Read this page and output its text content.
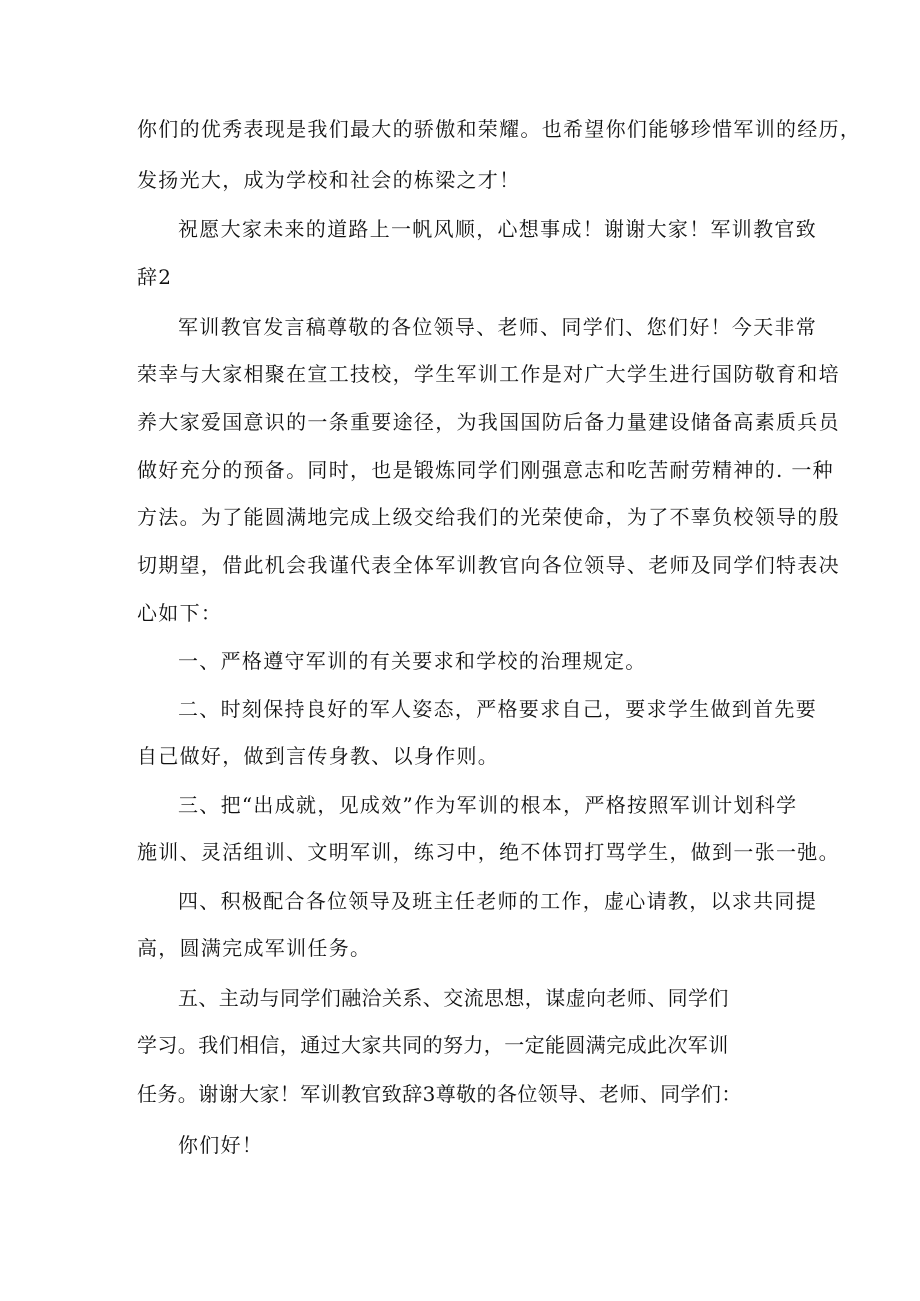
你们的优秀表现是我们最大的骄傲和荣耀。也希望你们能够珍惜军训的经历，

发扬光大，成为学校和社会的栋梁之才！

祝愿大家未来的道路上一帆风顺，心想事成！谢谢大家！军训教官致

辞2

军训教官发言稿尊敬的各位领导、老师、同学们、您们好！今天非常

荣幸与大家相聚在宣工技校，学生军训工作是对广大学生进行国防敬育和培

养大家爱国意识的一条重要途径，为我国国防后备力量建设储备高素质兵员

做好充分的预备。同时，也是锻炼同学们刚强意志和吃苦耐劳精神的. 一种

方法。为了能圆满地完成上级交给我们的光荣使命，为了不辜负校领导的殷

切期望，借此机会我谨代表全体军训教官向各位领导、老师及同学们特表决

心如下：

一、严格遵守军训的有关要求和学校的治理规定。

二、时刻保持良好的军人姿态，严格要求自己，要求学生做到首先要

自己做好，做到言传身教、以身作则。

三、把“出成就，见成效”作为军训的根本，严格按照军训计划科学

施训、灵活组训、文明军训，练习中，绝不体罚打骂学生，做到一张一弛。

四、积极配合各位领导及班主任老师的工作，虚心请教，以求共同提

高，圆满完成军训任务。

五、主动与同学们融洽关系、交流思想，谋虚向老师、同学们

学习。我们相信，通过大家共同的努力，一定能圆满完成此次军训

任务。谢谢大家！军训教官致辞3尊敬的各位领导、老师、同学们：

你们好！
